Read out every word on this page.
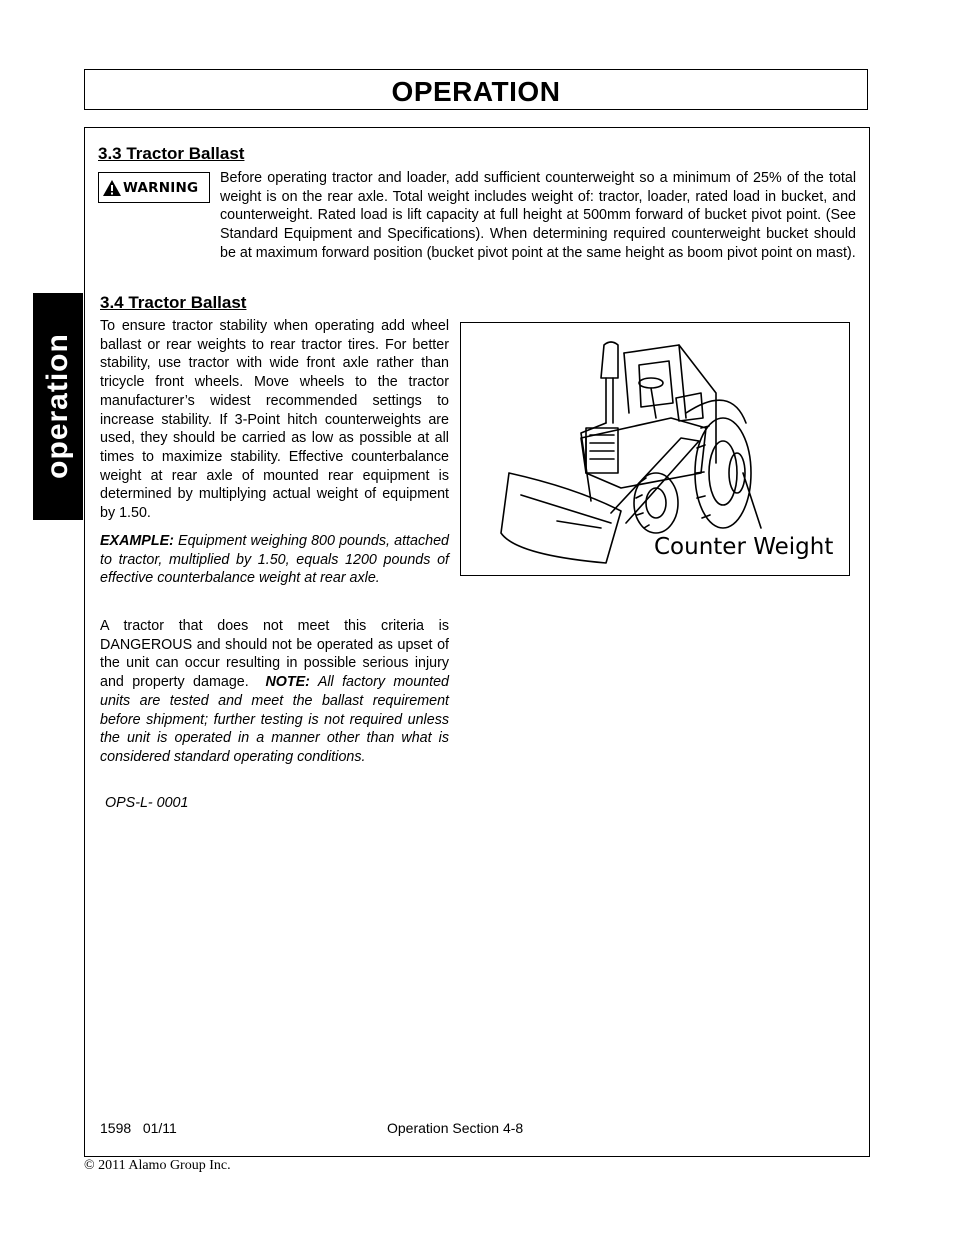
OPERATION
operation
3.3 Tractor Ballast
WARNING
Before operating tractor and loader, add sufficient counterweight so a minimum of 25% of the total weight is on the rear axle. Total weight includes weight of: tractor, loader, rated load in bucket, and counterweight. Rated load is lift capacity at full height at 500mm forward of bucket pivot point. (See Standard Equipment and Specifications). When determining required counterweight bucket should be at maximum forward position (bucket pivot point at the same height as boom pivot point on mast).
3.4 Tractor Ballast
To ensure tractor stability when operating add wheel ballast or rear weights to rear tractor tires. For better stability, use tractor with wide front axle rather than tricycle front wheels. Move wheels to the tractor manufacturer’s widest recommended settings to increase stability. If 3-Point hitch counterweights are used, they should be carried as low as possible at all times to maximize stability. Effective counterbalance weight at rear axle of mounted rear equipment is determined by multiplying actual weight of equipment by 1.50.
EXAMPLE: Equipment weighing 800 pounds, attached to tractor, multiplied by 1.50, equals 1200 pounds of effective counterbalance weight at rear axle.
A tractor that does not meet this criteria is DANGEROUS and should not be operated as upset of the unit can occur resulting in possible serious injury and property damage. NOTE: All factory mounted units are tested and meet the ballast requirement before shipment; further testing is not required unless the unit is operated in a manner other than what is considered standard operating conditions.
OPS-L- 0001
Counter Weight
1598   01/11	Operation Section 4-8
© 2011 Alamo Group Inc.
